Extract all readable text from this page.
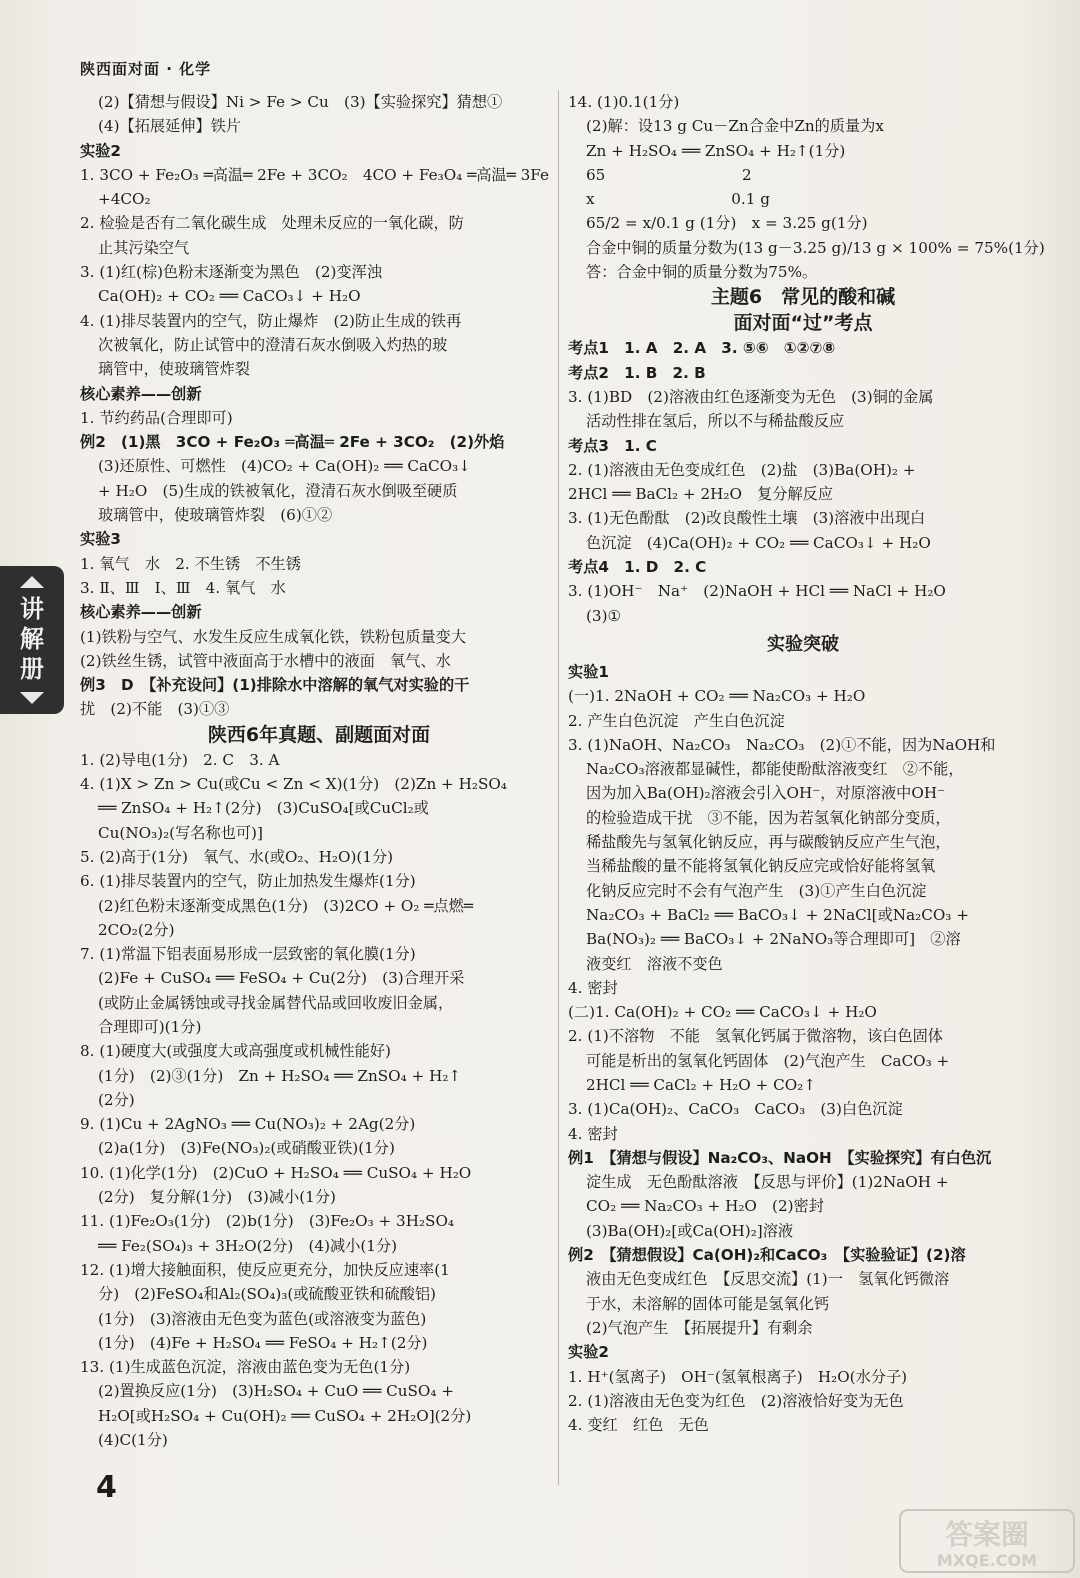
陕西面对面 · 化学
(2)【猜想与假设】Ni > Fe > Cu　(3)【实验探究】猜想①
(4)【拓展延伸】铁片
实验2
1. 3CO + Fe₂O₃ ═高温═ 2Fe + 3CO₂　4CO + Fe₃O₄ ═高温═ 3Fe
+4CO₂
2. 检验是否有二氧化碳生成　处理未反应的一氧化碳，防
止其污染空气
3. (1)红(棕)色粉末逐渐变为黑色　(2)变浑浊
Ca(OH)₂ + CO₂ ══ CaCO₃↓ + H₂O
4. (1)排尽装置内的空气，防止爆炸　(2)防止生成的铁再
次被氧化，防止试管中的澄清石灰水倒吸入灼热的玻
璃管中，使玻璃管炸裂
核心素养——创新
1. 节约药品(合理即可)
例2　(1)黑　3CO + Fe₂O₃ ═高温═ 2Fe + 3CO₂　(2)外焰
(3)还原性、可燃性　(4)CO₂ + Ca(OH)₂ ══ CaCO₃↓
+ H₂O　(5)生成的铁被氧化，澄清石灰水倒吸至硬质
玻璃管中，使玻璃管炸裂　(6)①②
实验3
1. 氧气　水　2. 不生锈　不生锈
3. Ⅱ、Ⅲ　Ⅰ、Ⅲ　4. 氧气　水
核心素养——创新
(1)铁粉与空气、水发生反应生成氧化铁，铁粉包质量变大
(2)铁丝生锈，试管中液面高于水槽中的液面　氧气、水
例3　D　【补充设问】(1)排除水中溶解的氧气对实验的干
扰　(2)不能　(3)①③
陕西6年真题、副题面对面
1. (2)导电(1分)　2. C　3. A
4. (1)X > Zn > Cu(或Cu < Zn < X)(1分)　(2)Zn + H₂SO₄
══ ZnSO₄ + H₂↑(2分)　(3)CuSO₄[或CuCl₂或
Cu(NO₃)₂(写名称也可)]
5. (2)高于(1分)　氧气、水(或O₂、H₂O)(1分)
6. (1)排尽装置内的空气，防止加热发生爆炸(1分)
(2)红色粉末逐渐变成黑色(1分)　(3)2CO + O₂ ═点燃═
2CO₂(2分)
7. (1)常温下铝表面易形成一层致密的氧化膜(1分)
(2)Fe + CuSO₄ ══ FeSO₄ + Cu(2分)　(3)合理开采
(或防止金属锈蚀或寻找金属替代品或回收废旧金属，
合理即可)(1分)
8. (1)硬度大(或强度大或高强度或机械性能好)
(1分)　(2)③(1分)　Zn + H₂SO₄ ══ ZnSO₄ + H₂↑
(2分)
9. (1)Cu + 2AgNO₃ ══ Cu(NO₃)₂ + 2Ag(2分)
(2)a(1分)　(3)Fe(NO₃)₂(或硝酸亚铁)(1分)
10. (1)化学(1分)　(2)CuO + H₂SO₄ ══ CuSO₄ + H₂O
(2分)　复分解(1分)　(3)减小(1分)
11. (1)Fe₂O₃(1分)　(2)b(1分)　(3)Fe₂O₃ + 3H₂SO₄
══ Fe₂(SO₄)₃ + 3H₂O(2分)　(4)减小(1分)
12. (1)增大接触面积，使反应更充分，加快反应速率(1
分)　(2)FeSO₄和Al₂(SO₄)₃(或硫酸亚铁和硫酸铝)
(1分)　(3)溶液由无色变为蓝色(或溶液变为蓝色)
(1分)　(4)Fe + H₂SO₄ ══ FeSO₄ + H₂↑(2分)
13. (1)生成蓝色沉淀，溶液由蓝色变为无色(1分)
(2)置换反应(1分)　(3)H₂SO₄ + CuO ══ CuSO₄ +
H₂O[或H₂SO₄ + Cu(OH)₂ ══ CuSO₄ + 2H₂O](2分)
(4)C(1分)
14. (1)0.1(1分)
(2)解：设13 g Cu－Zn合金中Zn的质量为x
Zn + H₂SO₄ ══ ZnSO₄ + H₂↑(1分)
65　　　　　　　　　2
x　　　　　　　　　0.1 g
65/2 = x/0.1 g (1分)　x = 3.25 g(1分)
合金中铜的质量分数为(13 g－3.25 g)/13 g × 100% = 75%(1分)
答：合金中铜的质量分数为75%。
主题6　常见的酸和碱
面对面“过”考点
考点1　1. A　2. A　3. ⑤⑥　①②⑦⑧
考点2　1. B　2. B
3. (1)BD　(2)溶液由红色逐渐变为无色　(3)铜的金属
活动性排在氢后，所以不与稀盐酸反应
考点3　1. C
2. (1)溶液由无色变成红色　(2)盐　(3)Ba(OH)₂ +
2HCl ══ BaCl₂ + 2H₂O　复分解反应
3. (1)无色酚酞　(2)改良酸性土壤　(3)溶液中出现白
色沉淀　(4)Ca(OH)₂ + CO₂ ══ CaCO₃↓ + H₂O
考点4　1. D　2. C
3. (1)OH⁻　Na⁺　(2)NaOH + HCl ══ NaCl + H₂O
(3)①
实验突破
实验1
(一)1. 2NaOH + CO₂ ══ Na₂CO₃ + H₂O
2. 产生白色沉淀　产生白色沉淀
3. (1)NaOH、Na₂CO₃　Na₂CO₃　(2)①不能，因为NaOH和
Na₂CO₃溶液都显碱性，都能使酚酞溶液变红　②不能，
因为加入Ba(OH)₂溶液会引入OH⁻，对原溶液中OH⁻
的检验造成干扰　③不能，因为若氢氧化钠部分变质，
稀盐酸先与氢氧化钠反应，再与碳酸钠反应产生气泡，
当稀盐酸的量不能将氢氧化钠反应完或恰好能将氢氧
化钠反应完时不会有气泡产生　(3)①产生白色沉淀
Na₂CO₃ + BaCl₂ ══ BaCO₃↓ + 2NaCl[或Na₂CO₃ +
Ba(NO₃)₂ ══ BaCO₃↓ + 2NaNO₃等合理即可]　②溶
液变红　溶液不变色
4. 密封
(二)1. Ca(OH)₂ + CO₂ ══ CaCO₃↓ + H₂O
2. (1)不溶物　不能　氢氧化钙属于微溶物，该白色固体
可能是析出的氢氧化钙固体　(2)气泡产生　CaCO₃ +
2HCl ══ CaCl₂ + H₂O + CO₂↑
3. (1)Ca(OH)₂、CaCO₃　CaCO₃　(3)白色沉淀
4. 密封
例1　【猜想与假设】Na₂CO₃、NaOH　【实验探究】有白色沉
淀生成　无色酚酞溶液　【反思与评价】(1)2NaOH +
CO₂ ══ Na₂CO₃ + H₂O　(2)密封
(3)Ba(OH)₂[或Ca(OH)₂]溶液
例2　【猜想假设】Ca(OH)₂和CaCO₃　【实验验证】(2)溶
液由无色变成红色　【反思交流】(1)一　氢氧化钙微溶
于水，未溶解的固体可能是氢氧化钙
(2)气泡产生　【拓展提升】有剩余
实验2
1. H⁺(氢离子)　OH⁻(氢氧根离子)　H₂O(水分子)
2. (1)溶液由无色变为红色　(2)溶液恰好变为无色
4. 变红　红色　无色
讲解册
4
答案圈
MXQE.COM
